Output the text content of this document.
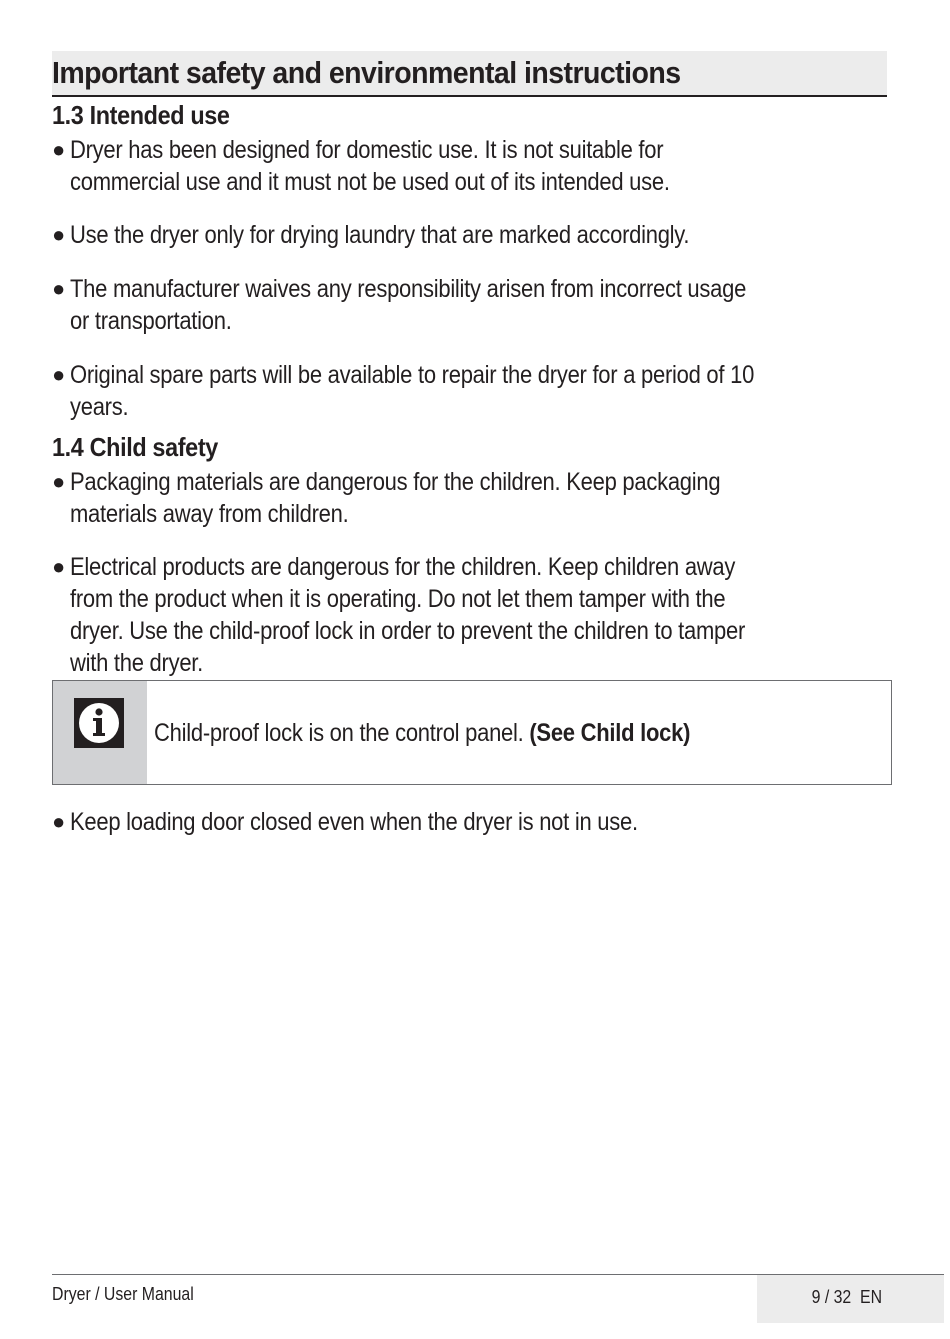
Important safety and environmental instructions
1.3 Intended use
● Dryer has been designed for domestic use. It is not suitable for
commercial use and it must not be used out of its intended use.
● Use the dryer only for drying laundry that are marked accordingly.
● The manufacturer waives any responsibility arisen from incorrect usage
or transportation.
● Original spare parts will be available to repair the dryer for a period of 10
years.
1.4 Child safety
● Packaging materials are dangerous for the children. Keep packaging
materials away from children.
● Electrical products are dangerous for the children. Keep children away
from the product when it is operating. Do not let them tamper with the
dryer. Use the child-proof lock in order to prevent the children to tamper
with the dryer.
Child-proof lock is on the control panel. (See Child lock)
● Keep loading door closed even when the dryer is not in use.
Dryer / User Manual	9 / 32  EN
